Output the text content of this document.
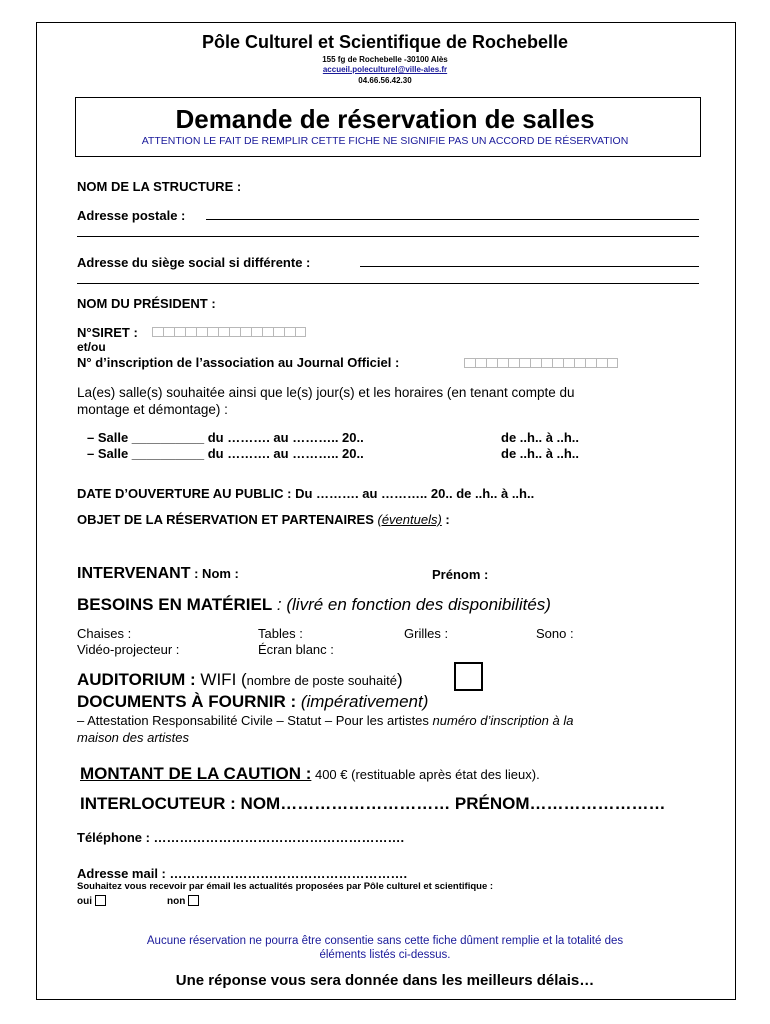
Pôle Culturel et Scientifique de Rochebelle
155 fg de Rochebelle -30100 Alès
accueil.poleculturel@ville-ales.fr
04.66.56.42.30
Demande de réservation de salles
ATTENTION LE FAIT DE REMPLIR CETTE FICHE NE SIGNIFIE PAS UN ACCORD DE RÉSERVATION
NOM DE LA STRUCTURE :
Adresse postale :
Adresse du siège social si différente :
NOM DU PRÉSIDENT :
N°SIRET :
et/ou
N° d’inscription de l’association au Journal Officiel :
La(es) salle(s) souhaitée ainsi que le(s) jour(s) et les horaires (en tenant compte du
montage et démontage) :
– Salle __________ du ………. au ……….. 20..	de ..h.. à ..h..
– Salle __________ du ………. au ……….. 20..	de ..h.. à ..h..
DATE D’OUVERTURE AU PUBLIC : Du ………. au ……….. 20.. de ..h.. à ..h..
OBJET DE LA RÉSERVATION ET PARTENAIRES (éventuels) :
INTERVENANT : Nom :	Prénom :
BESOINS EN MATÉRIEL : (livré en fonction des disponibilités)
Chaises :	Tables :	Grilles :	Sono :
Vidéo-projecteur :	Écran blanc :
AUDITORIUM : WIFI (nombre de poste souhaité)
DOCUMENTS À FOURNIR : (impérativement)
– Attestation Responsabilité Civile – Statut – Pour les artistes numéro d’inscription à la
maison des artistes
MONTANT DE LA CAUTION : 400 € (restituable après état des lieux).
INTERLOCUTEUR : NOM………………………… PRÉNOM……………………
Téléphone : ………………………………………………….
Adresse mail : ……………………………………………….
Souhaitez vous recevoir par émail les actualités proposées par Pôle culturel et scientifique :
oui	non
Aucune réservation ne pourra être consentie sans cette fiche dûment remplie et la totalité des
éléments listés ci-dessus.
Une réponse vous sera donnée dans les meilleurs délais…
